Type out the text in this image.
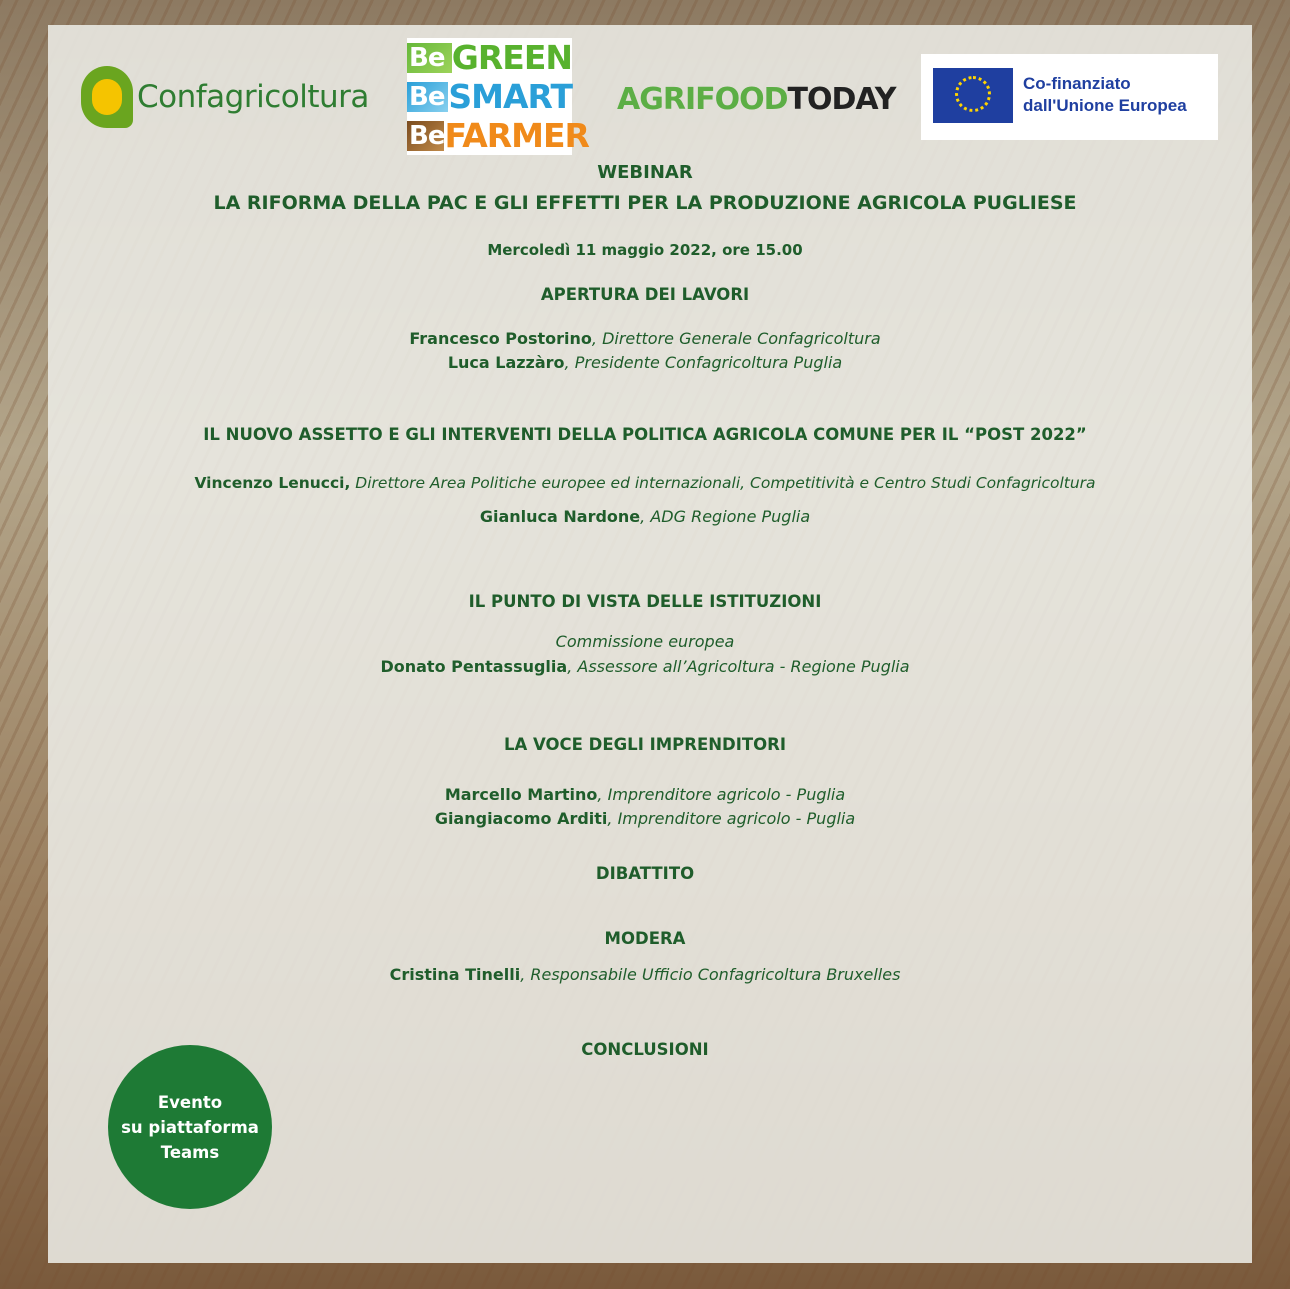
Confagricoltura
Be GREEN
Be SMART
Be FARMER
AGRIFOODTODAY	Co-finanziato
dall'Unione Europea
WEBINAR
LA RIFORMA DELLA PAC E GLI EFFETTI PER LA PRODUZIONE AGRICOLA PUGLIESE
Mercoledì 11 maggio 2022, ore 15.00
APERTURA DEI LAVORI
Francesco Postorino, Direttore Generale Confagricoltura
Luca Lazzàro, Presidente Confagricoltura Puglia
IL NUOVO ASSETTO E GLI INTERVENTI DELLA POLITICA AGRICOLA COMUNE PER IL “POST 2022”
Vincenzo Lenucci, Direttore Area Politiche europee ed internazionali, Competitività e Centro Studi Confagricoltura
Gianluca Nardone, ADG Regione Puglia
IL PUNTO DI VISTA DELLE ISTITUZIONI
Commissione europea
Donato Pentassuglia, Assessore all’Agricoltura - Regione Puglia
LA VOCE DEGLI IMPRENDITORI
Marcello Martino, Imprenditore agricolo - Puglia
Giangiacomo Arditi, Imprenditore agricolo - Puglia
DIBATTITO
MODERA
Cristina Tinelli, Responsabile Ufficio Confagricoltura Bruxelles
CONCLUSIONI
Evento
su piattaforma
Teams
